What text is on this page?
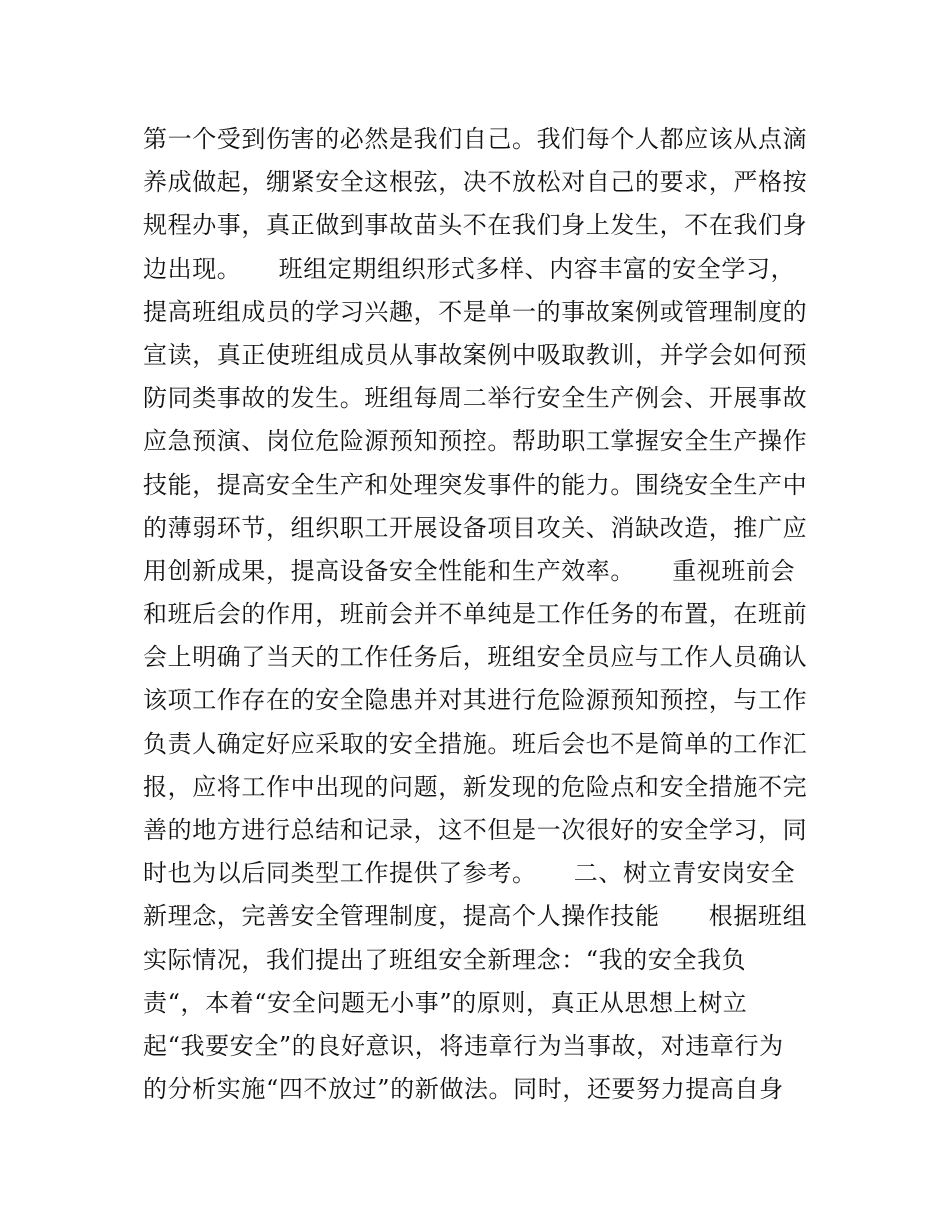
第一个受到伤害的必然是我们自己。我们每个人都应该从点滴
养成做起，绷紧安全这根弦，决不放松对自己的要求，严格按
规程办事，真正做到事故苗头不在我们身上发生，不在我们身
边出现。　　班组定期组织形式多样、内容丰富的安全学习，
提高班组成员的学习兴趣，不是单一的事故案例或管理制度的
宣读，真正使班组成员从事故案例中吸取教训，并学会如何预
防同类事故的发生。班组每周二举行安全生产例会、开展事故
应急预演、岗位危险源预知预控。帮助职工掌握安全生产操作
技能，提高安全生产和处理突发事件的能力。围绕安全生产中
的薄弱环节，组织职工开展设备项目攻关、消缺改造，推广应
用创新成果，提高设备安全性能和生产效率。　　重视班前会
和班后会的作用，班前会并不单纯是工作任务的布置，在班前
会上明确了当天的工作任务后，班组安全员应与工作人员确认
该项工作存在的安全隐患并对其进行危险源预知预控，与工作
负责人确定好应采取的安全措施。班后会也不是简单的工作汇
报，应将工作中出现的问题，新发现的危险点和安全措施不完
善的地方进行总结和记录，这不但是一次很好的安全学习，同
时也为以后同类型工作提供了参考。　　二、树立青安岗安全
新理念，完善安全管理制度，提高个人操作技能　　根据班组
实际情况，我们提出了班组安全新理念：“我的安全我负
责“，本着“安全问题无小事”的原则，真正从思想上树立
起“我要安全”的良好意识，将违章行为当事故，对违章行为
的分析实施“四不放过”的新做法。同时，还要努力提高自身
